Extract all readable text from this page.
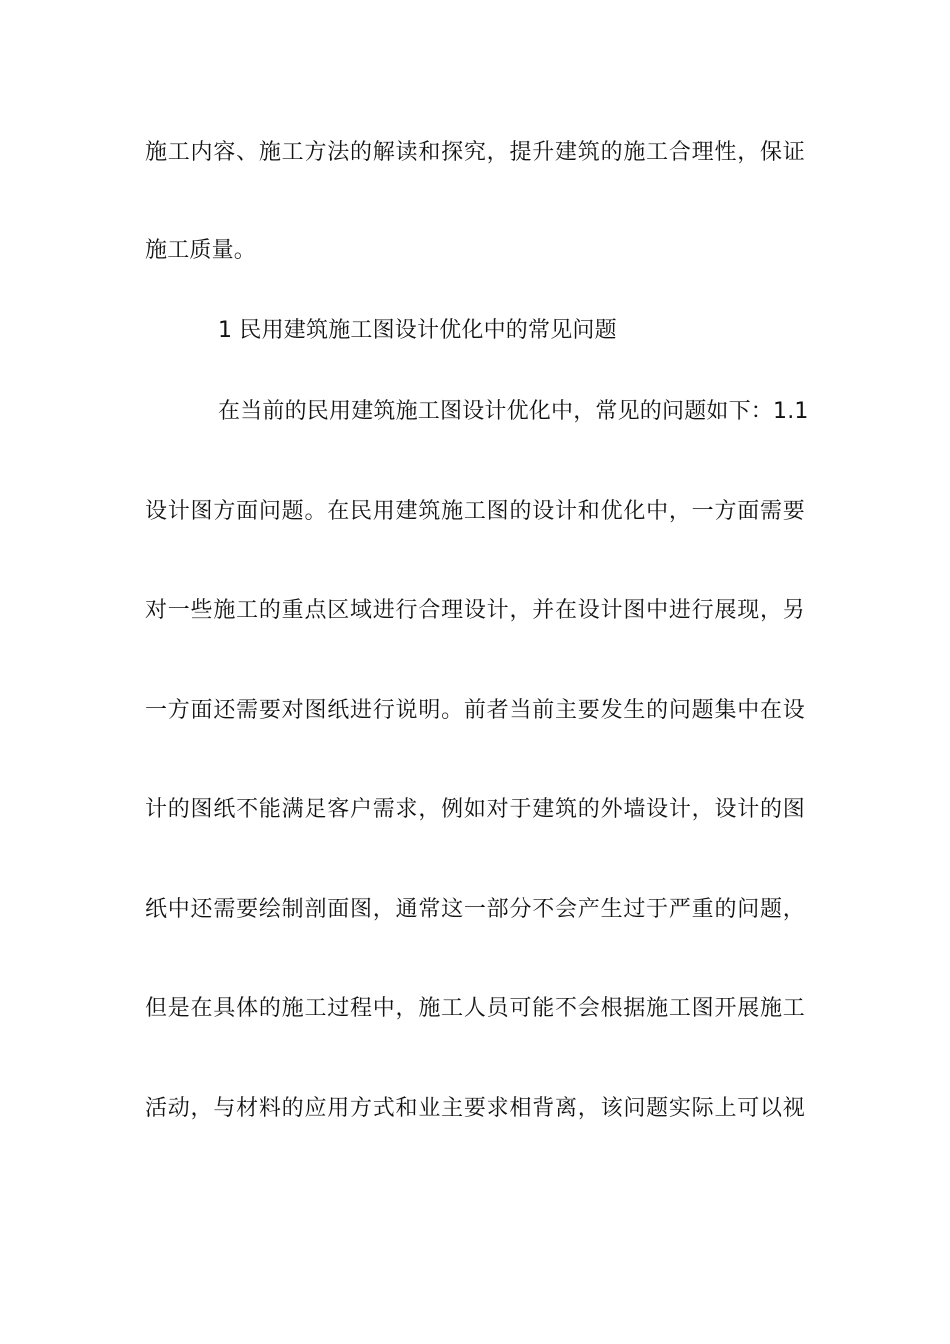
施工内容、施工方法的解读和探究，提升建筑的施工合理性，保证
施工质量。
1 民用建筑施工图设计优化中的常见问题
在当前的民用建筑施工图设计优化中，常见的问题如下：1.1
设计图方面问题。在民用建筑施工图的设计和优化中，一方面需要
对一些施工的重点区域进行合理设计，并在设计图中进行展现，另
一方面还需要对图纸进行说明。前者当前主要发生的问题集中在设
计的图纸不能满足客户需求，例如对于建筑的外墙设计，设计的图
纸中还需要绘制剖面图，通常这一部分不会产生过于严重的问题，
但是在具体的施工过程中，施工人员可能不会根据施工图开展施工
活动，与材料的应用方式和业主要求相背离，该问题实际上可以视
